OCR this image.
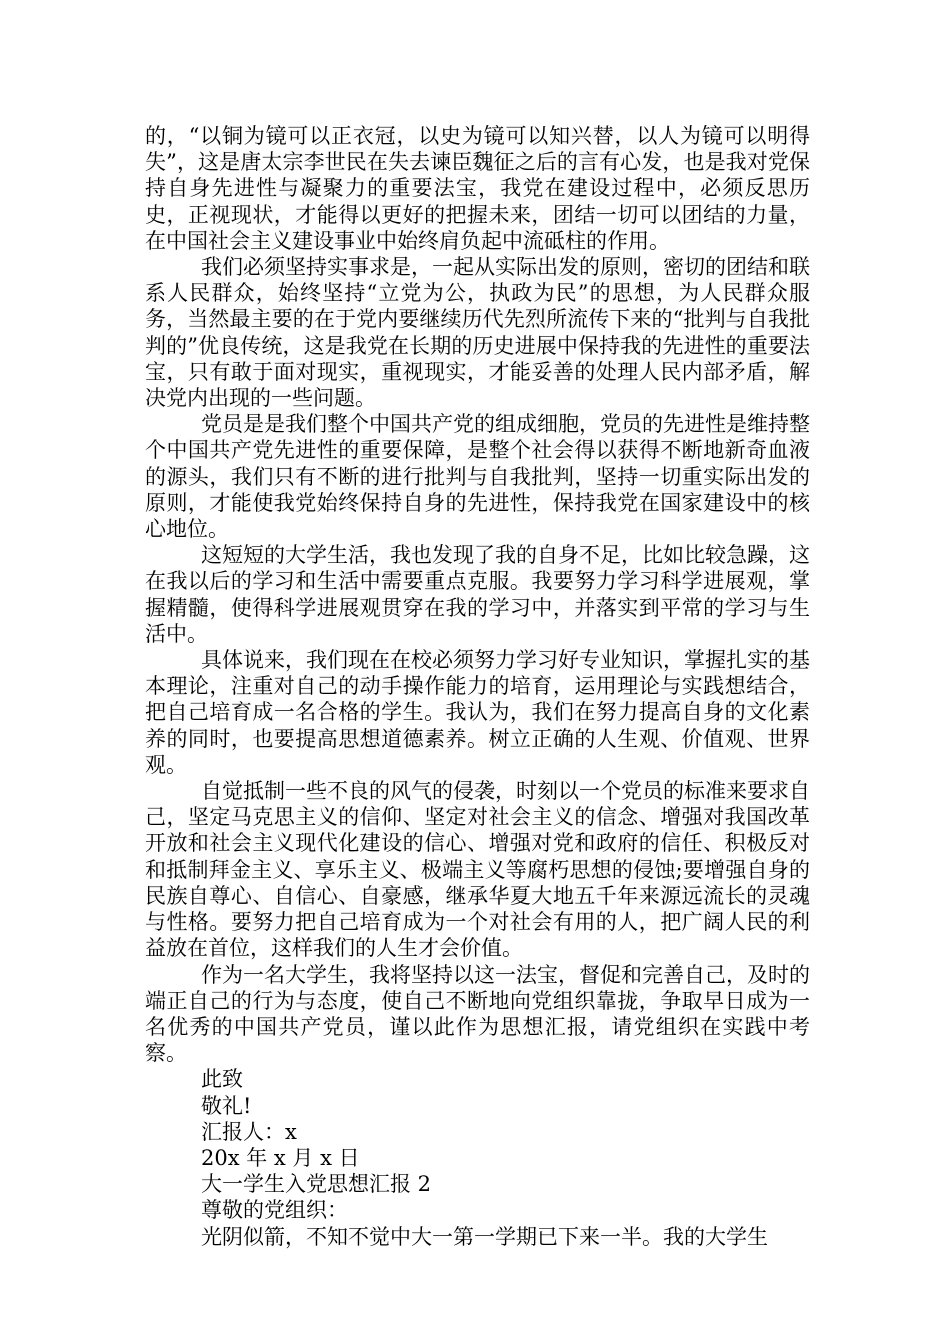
的，“以铜为镜可以正衣冠，以史为镜可以知兴替，以人为镜可以明得失”，这是唐太宗李世民在失去谏臣魏征之后的言有心发，也是我对党保持自身先进性与凝聚力的重要法宝，我党在建设过程中，必须反思历史，正视现状，才能得以更好的把握未来，团结一切可以团结的力量，在中国社会主义建设事业中始终肩负起中流砥柱的作用。

我们必须坚持实事求是，一起从实际出发的原则，密切的团结和联系人民群众，始终坚持“立党为公，执政为民”的思想，为人民群众服务，当然最主要的在于党内要继续历代先烈所流传下来的“批判与自我批判的”优良传统，这是我党在长期的历史进展中保持我的先进性的重要法宝，只有敢于面对现实，重视现实，才能妥善的处理人民内部矛盾，解决党内出现的一些问题。

党员是是我们整个中国共产党的组成细胞，党员的先进性是维持整个中国共产党先进性的重要保障，是整个社会得以获得不断地新奇血液的源头，我们只有不断的进行批判与自我批判，坚持一切重实际出发的原则，才能使我党始终保持自身的先进性，保持我党在国家建设中的核心地位。

这短短的大学生活，我也发现了我的自身不足，比如比较急躁，这在我以后的学习和生活中需要重点克服。我要努力学习科学进展观，掌握精髓，使得科学进展观贯穿在我的学习中，并落实到平常的学习与生活中。

具体说来，我们现在在校必须努力学习好专业知识，掌握扎实的基本理论，注重对自己的动手操作能力的培育，运用理论与实践想结合，把自己培育成一名合格的学生。我认为，我们在努力提高自身的文化素养的同时，也要提高思想道德素养。树立正确的人生观、价值观、世界观。

自觉抵制一些不良的风气的侵袭，时刻以一个党员的标准来要求自己，坚定马克思主义的信仰、坚定对社会主义的信念、增强对我国改革开放和社会主义现代化建设的信心、增强对党和政府的信任、积极反对和抵制拜金主义、享乐主义、极端主义等腐朽思想的侵蚀;要增强自身的民族自尊心、自信心、自豪感，继承华夏大地五千年来源远流长的灵魂与性格。要努力把自己培育成为一个对社会有用的人，把广阔人民的利益放在首位，这样我们的人生才会价值。

作为一名大学生，我将坚持以这一法宝，督促和完善自己，及时的端正自己的行为与态度，使自己不断地向党组织靠拢，争取早日成为一名优秀的中国共产党员，谨以此作为思想汇报，请党组织在实践中考察。

此致

敬礼!

汇报人：x

20x 年 x 月 x 日

大一学生入党思想汇报 2

尊敬的党组织：

光阴似箭，不知不觉中大一第一学期已下来一半。我的大学生
